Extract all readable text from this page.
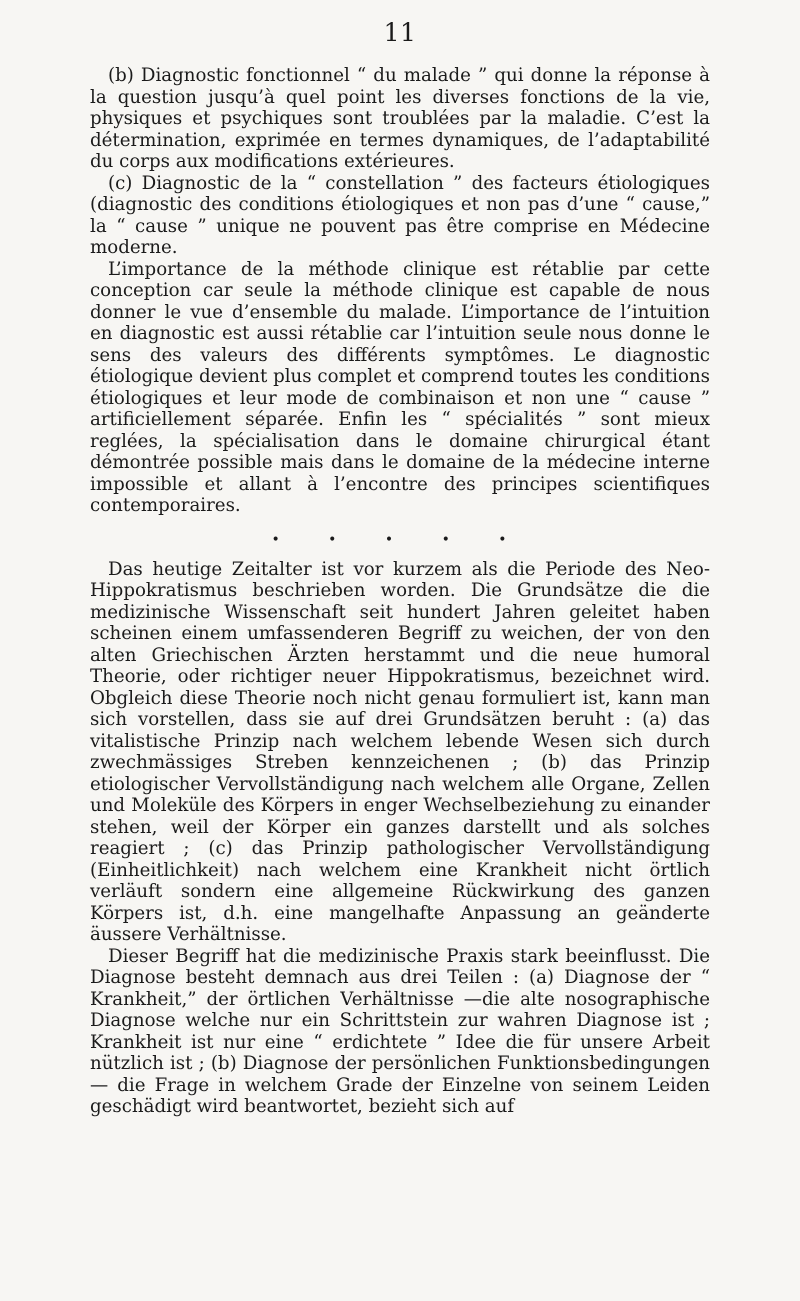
11

(b) Diagnostic fonctionnel “ du malade ” qui donne la réponse à la question jusqu’à quel point les diverses fonctions de la vie, physiques et psychiques sont troublées par la maladie. C’est la détermination, exprimée en termes dynamiques, de l’adaptabilité du corps aux modifications extérieures.

(c) Diagnostic de la “ constellation ” des facteurs étiologiques (diagnostic des conditions étiologiques et non pas d’une “ cause,” la “ cause ” unique ne pouvent pas être comprise en Médecine moderne.

L’importance de la méthode clinique est rétablie par cette conception car seule la méthode clinique est capable de nous donner le vue d’ensemble du malade. L’importance de l’intuition en diagnostic est aussi rétablie car l’intuition seule nous donne le sens des valeurs des différents symptômes. Le diagnostic étiologique devient plus complet et comprend toutes les conditions étiologiques et leur mode de combinaison et non une “ cause ” artificiellement séparée. Enfin les “ spécialités ” sont mieux reglées, la spécialisation dans le domaine chirurgical étant démontrée possible mais dans le domaine de la médecine interne impossible et allant à l’encontre des principes scientifiques contemporaires.

• • • • •

Das heutige Zeitalter ist vor kurzem als die Periode des Neo-Hippokratismus beschrieben worden. Die Grundsätze die die medizinische Wissenschaft seit hundert Jahren geleitet haben scheinen einem umfassenderen Begriff zu weichen, der von den alten Griechischen Ärzten herstammt und die neue humoral Theorie, oder richtiger neuer Hippokratismus, bezeichnet wird. Obgleich diese Theorie noch nicht genau formuliert ist, kann man sich vorstellen, dass sie auf drei Grundsätzen beruht : (a) das vitalistische Prinzip nach welchem lebende Wesen sich durch zwechmässiges Streben kennzeichenen ; (b) das Prinzip etiologischer Vervollständigung nach welchem alle Organe, Zellen und Moleküle des Körpers in enger Wechselbeziehung zu einander stehen, weil der Körper ein ganzes darstellt und als solches reagiert ; (c) das Prinzip pathologischer Vervollständigung (Einheitlichkeit) nach welchem eine Krankheit nicht örtlich verläuft sondern eine allgemeine Rückwirkung des ganzen Körpers ist, d.h. eine mangelhafte Anpassung an geänderte äussere Verhältnisse.

Dieser Begriff hat die medizinische Praxis stark beeinflusst. Die Diagnose besteht demnach aus drei Teilen : (a) Diagnose der “ Krankheit,” der örtlichen Verhältnisse —die alte nosographische Diagnose welche nur ein Schrittstein zur wahren Diagnose ist ; Krankheit ist nur eine “ erdichtete ” Idee die für unsere Arbeit nützlich ist ; (b) Diagnose der persönlichen Funktionsbedingungen— die Frage in welchem Grade der Einzelne von seinem Leiden geschädigt wird beantwortet, bezieht sich auf
